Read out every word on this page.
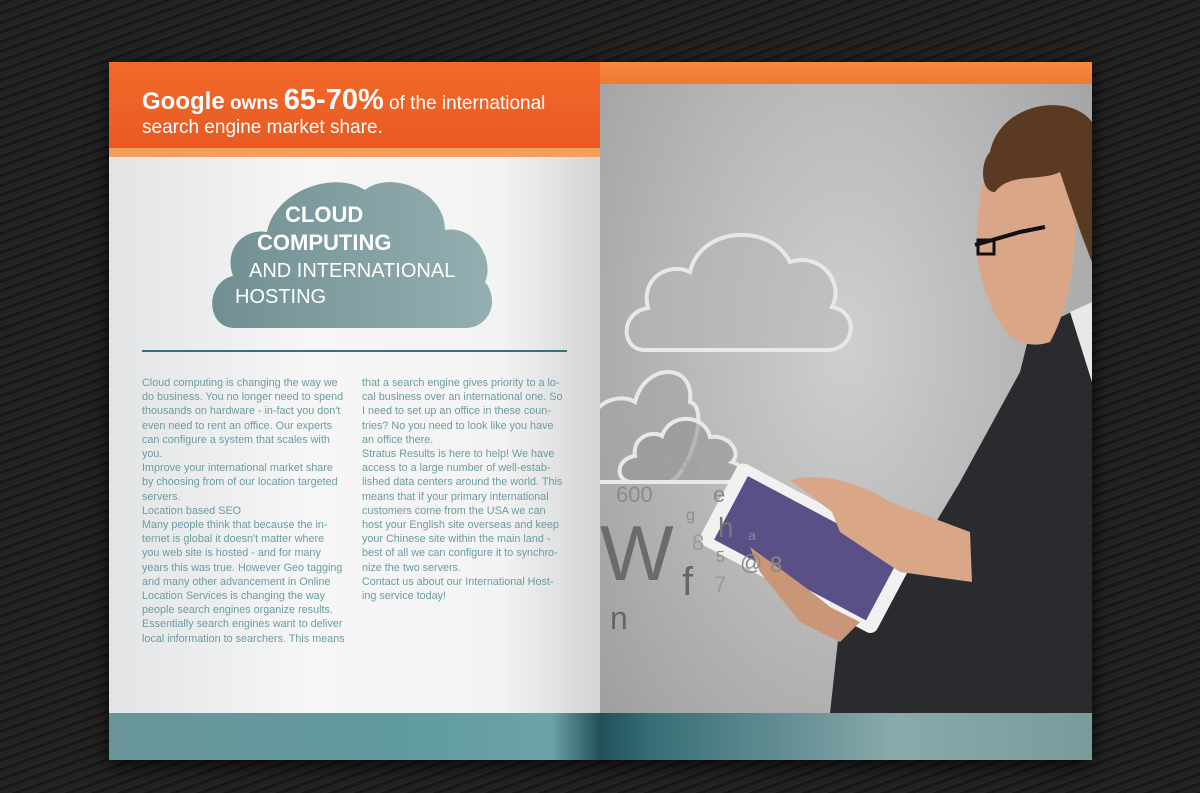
Google owns 65-70% of the international
search engine market share.
CLOUD
COMPUTING
AND INTERNATIONAL
HOSTING
Cloud computing is changing the way we
do business. You no longer need to spend
thousands on hardware - in-fact you don't
even need to rent an office. Our experts
can configure a system that scales with
you.
Improve your international market share
by choosing from of our location targeted
servers.
Location based SEO
Many people think that because the in-
ternet is global it doesn't matter where
you web site is hosted - and for many
years this was true. However Geo tagging
and many other advancement in Online
Location Services is changing the way
people search engines organize results.
Essentially search engines want to deliver
local information to searchers. This means
that a search engine gives priority to a lo-
cal business over an international one. So
I need to set up an office in these coun-
tries? No you need to look like you have
an office there.
Stratus Results is here to help! We have
access to a large number of well-estab-
lished data centers around the world. This
means that if your primary international
customers come from the USA we can
host your English site overseas and keep
your Chinese site within the main land -
best of all we can configure it to synchro-
nize the two servers.
Contact us about our International Host-
ing service today!
41 %
600	e
W g h
5
a
8
f @
7
8
n
